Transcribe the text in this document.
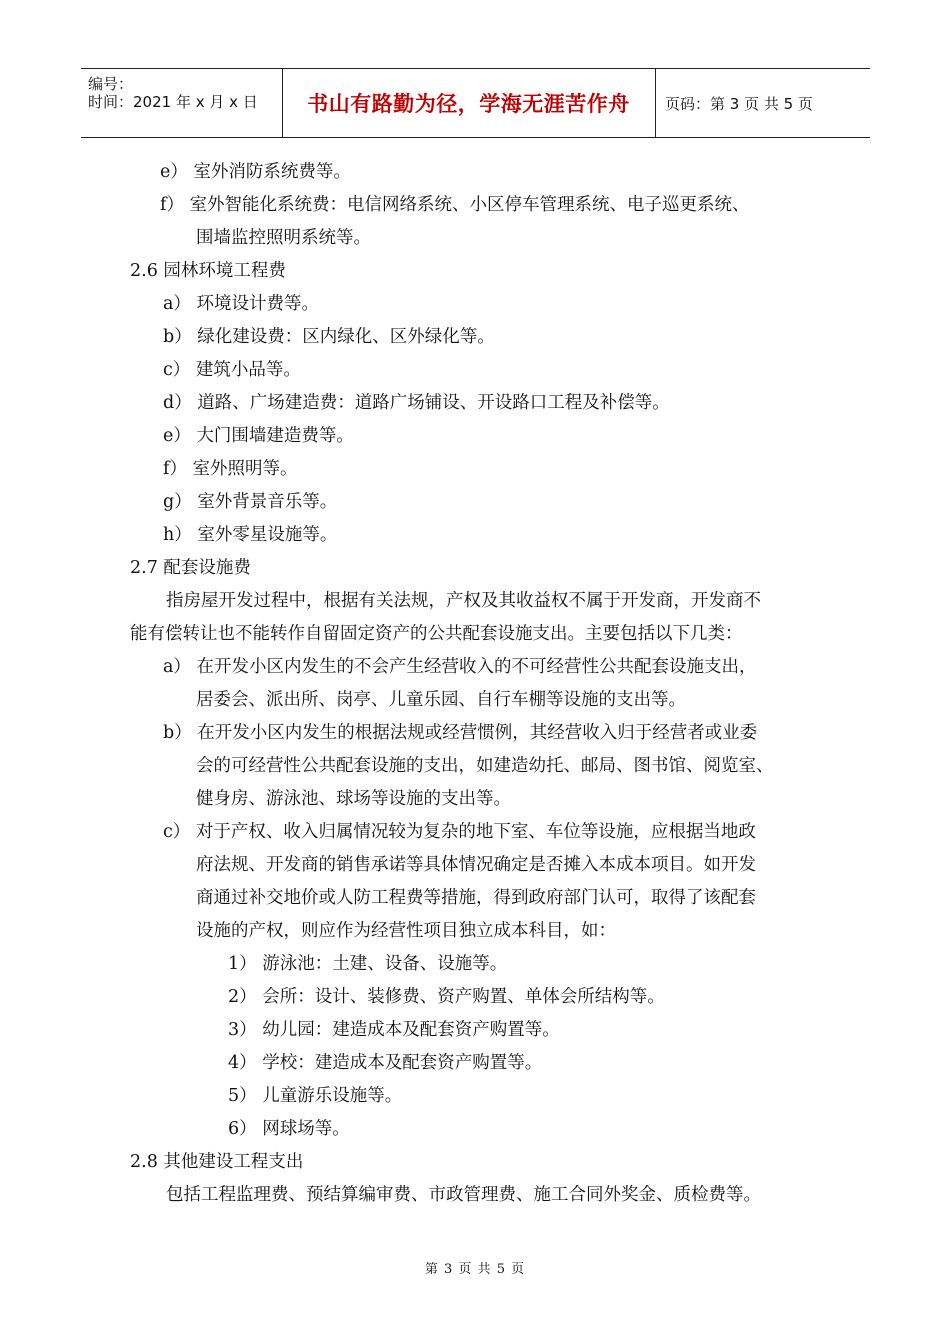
编号：
时间：2021 年 x 月 x 日 书山有路勤为径，学海无涯苦作舟	页码：第 3 页 共 5 页
e） 室外消防系统费等。
f） 室外智能化系统费：电信网络系统、小区停车管理系统、电子巡更系统、
围墙监控照明系统等。
2.6 园林环境工程费
a） 环境设计费等。
b） 绿化建设费：区内绿化、区外绿化等。
c） 建筑小品等。
d） 道路、广场建造费：道路广场铺设、开设路口工程及补偿等。
e） 大门围墙建造费等。
f） 室外照明等。
g） 室外背景音乐等。
h） 室外零星设施等。
2.7 配套设施费
指房屋开发过程中，根据有关法规，产权及其收益权不属于开发商，开发商不
能有偿转让也不能转作自留固定资产的公共配套设施支出。主要包括以下几类：
a） 在开发小区内发生的不会产生经营收入的不可经营性公共配套设施支出，
居委会、派出所、岗亭、儿童乐园、自行车棚等设施的支出等。
b） 在开发小区内发生的根据法规或经营惯例，其经营收入归于经营者或业委
会的可经营性公共配套设施的支出，如建造幼托、邮局、图书馆、阅览室、
健身房、游泳池、球场等设施的支出等。
c） 对于产权、收入归属情况较为复杂的地下室、车位等设施，应根据当地政
府法规、开发商的销售承诺等具体情况确定是否摊入本成本项目。如开发
商通过补交地价或人防工程费等措施，得到政府部门认可，取得了该配套
设施的产权，则应作为经营性项目独立成本科目，如：
1） 游泳池：土建、设备、设施等。
2） 会所：设计、装修费、资产购置、单体会所结构等。
3） 幼儿园：建造成本及配套资产购置等。
4） 学校：建造成本及配套资产购置等。
5） 儿童游乐设施等。
6） 网球场等。
2.8 其他建设工程支出
包括工程监理费、预结算编审费、市政管理费、施工合同外奖金、质检费等。
第 3 页 共 5 页
